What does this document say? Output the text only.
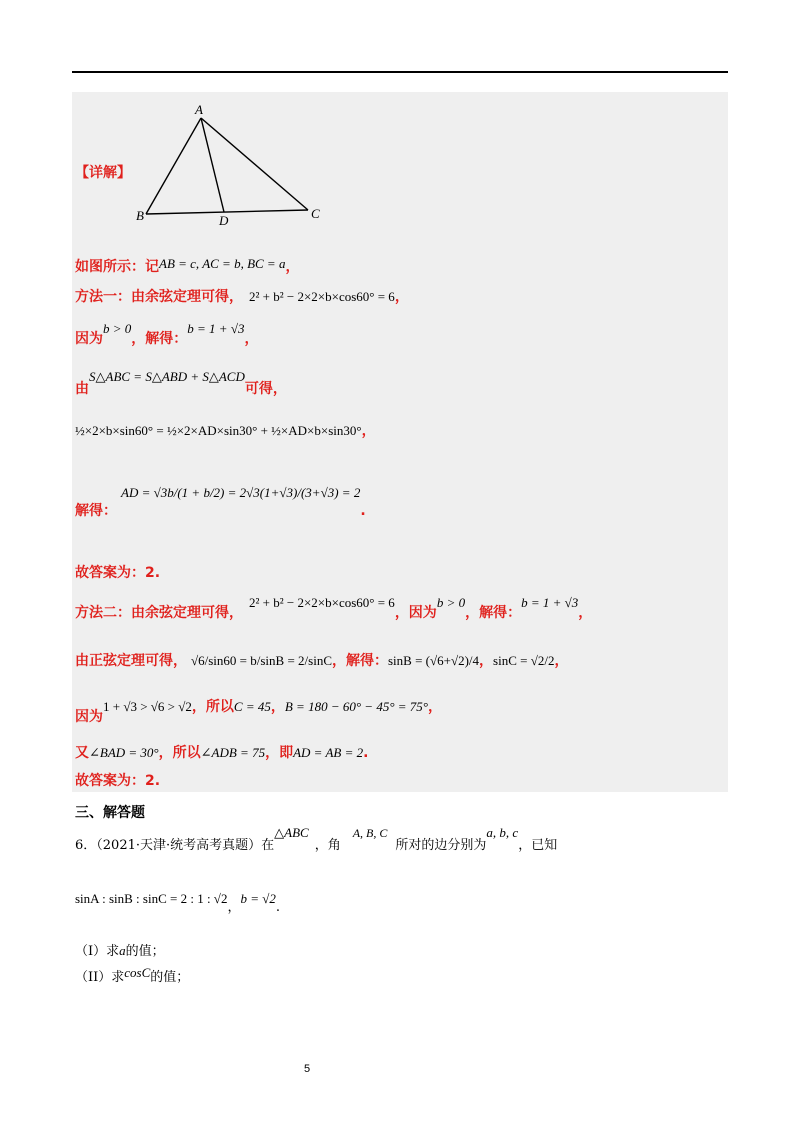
A
B	C
D
【详解】
如图所示：记AB = c, AC = b, BC = a，
方法一：由余弦定理可得， 2² + b² − 2×2×b×cos60° = 6，
因为b > 0，解得：b = 1 + √3，
由S△ABC = S△ABD + S△ACD可得，
½×2×b×sin60° = ½×2×AD×sin30° + ½×AD×b×sin30°，
解得：AD = √3b/(1 + b/2) = 2√3(1+√3)/(3+√3) = 2.
故答案为：2.
方法二：由余弦定理可得，2² + b² − 2×2×b×cos60° = 6，因为b > 0，解得：b = 1 + √3，
由正弦定理可得， √6/sin60 = b/sinB = 2/sinC，解得：sinB = (√6+√2)/4，sinC = √2/2，
因为1 + √3 > √6 > √2，所以C = 45，B = 180 − 60° − 45° = 75°，
又∠BAD = 30°，所以∠ADB = 75，即AD = AB = 2.
故答案为：2.
三、解答题
$_{6.(2021\cdot 天津\cdot 统考高考真题)在}\triangle ABC_{,角}A$, B, $C_{所对的边分别为}a$, b, $c_{,已知}$
sinA : sinB : sinC = 2 : 1 : $√2_,b = √2_.$
（I）求a的值；
（II）求$^{cosC}$的值；
5
